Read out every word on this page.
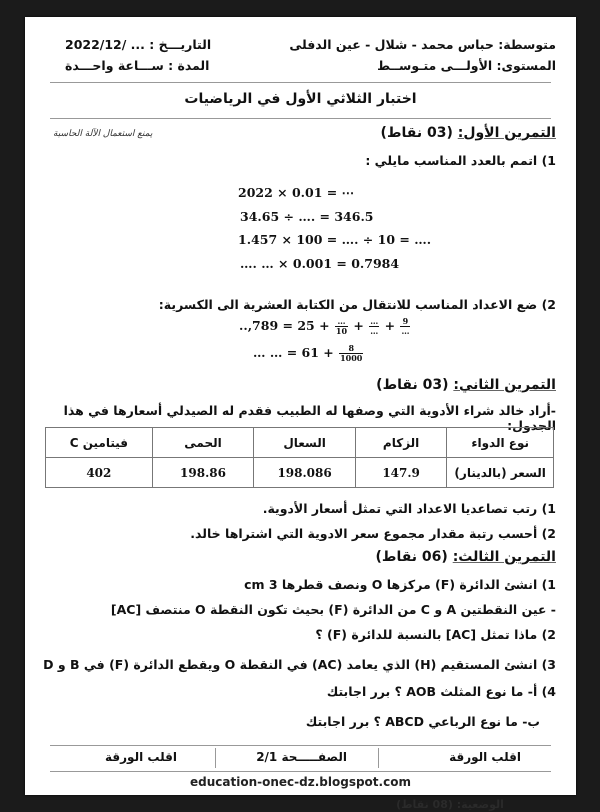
متوسطة: حباس محمد - شلال - عين الدفلى
المستوى: الأولـــى متـوســط
التاريـــخ : ... /2022/12
المدة : ســـاعة واحـــدة
اختبار الثلاثي الأول في الرياضيات
التمرين الأول: (03 نقاط)
يمنع استعمال الآلة الحاسبة
1) اتمم بالعدد المناسب مايلي :
2022 × 0.01 = ⋯
34.65 ÷ …. = 346.5
1.457 × 100 = …. ÷ 10 = ….
…. … × 0.001 = 0.7984
2) ضع الاعداد المناسب للانتقال من الكتابة العشرية الى الكسرية:
$..,789 = 25 + \frac{\dots}{10} + \frac{\dots}{\dots} + \frac{9}{\dots}$
… … = $61 + \frac{8}{1000}$
التمرين الثاني: (03 نقاط)
-أراد خالد شراء الأدوية التي وصفها له الطبيب فقدم له الصيدلي أسعارها في هذا الجدول:
نوع الدواء	الزكام	السعال	الحمى	فيتامين C
السعر (بالدينار)	147.9	198.086	198.86	402
1) رتب تصاعديا الاعداد التي تمثل أسعار الأدوية.
2) أحسب رتبة مقدار مجموع سعر الادوية التي اشتراها خالد.
التمرين الثالث: (06 نقاط)
1) انشئ الدائرة (F) مركزها O ونصف قطرها 3 cm
- عين النقطتين A و C من الدائرة (F) بحيث تكون النقطة O منتصف [AC]
2) ماذا تمثل [AC] بالنسبة للدائرة (F) ؟
3) انشئ المستقيم (H) الذي يعامد (AC) في النقطة O ويقطع الدائرة (F) في B و D
4) أ- ما نوع المثلث AOB ؟ برر اجابتك
ب- ما نوع الرباعي ABCD ؟ برر اجابتك
اقلب الورقة
الصفـــــحة 2/1
اقلب الورقة
education-onec-dz.blogspot.com
الوضعية: (08 نقاط)
